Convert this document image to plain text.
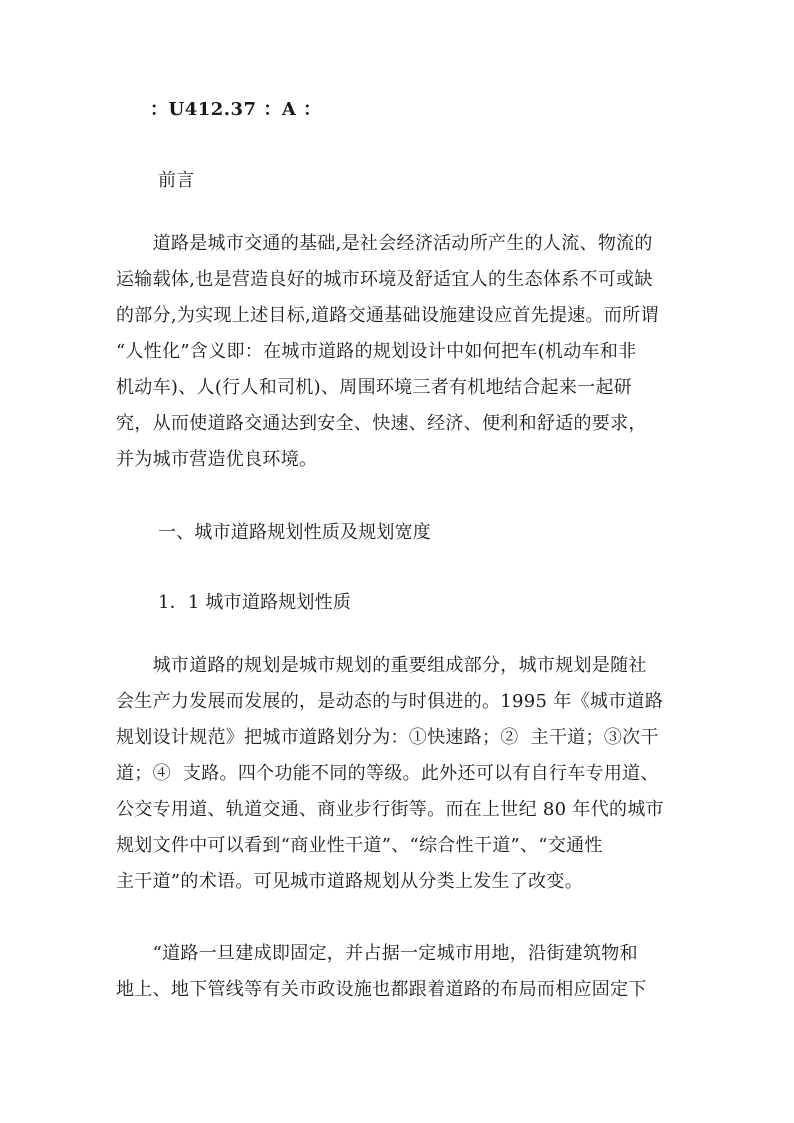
：U412.37 ：A ：
前言
　　道路是城市交通的基础,是社会经济活动所产生的人流、物流的
运输载体,也是营造良好的城市环境及舒适宜人的生态体系不可或缺
的部分,为实现上述目标,道路交通基础设施建设应首先提速。而所谓
“人性化”含义即：在城市道路的规划设计中如何把车(机动车和非
机动车)、人(行人和司机)、周围环境三者有机地结合起来一起研
究，从而使道路交通达到安全、快速、经济、便利和舒适的要求，
并为城市营造优良环境。
一、城市道路规划性质及规划宽度
1．1 城市道路规划性质
　　城市道路的规划是城市规划的重要组成部分，城市规划是随社
会生产力发展而发展的，是动态的与时俱进的。1995 年《城市道路
规划设计规范》把城市道路划分为：①快速路；②  主干道；③次干
道；④  支路。四个功能不同的等级。此外还可以有自行车专用道、
公交专用道、轨道交通、商业步行街等。而在上世纪 80 年代的城市
规划文件中可以看到“商业性干道”、“综合性干道”、“交通性
主干道”的术语。可见城市道路规划从分类上发生了改变。
　　“道路一旦建成即固定，并占据一定城市用地，沿街建筑物和
地上、地下管线等有关市政设施也都跟着道路的布局而相应固定下
